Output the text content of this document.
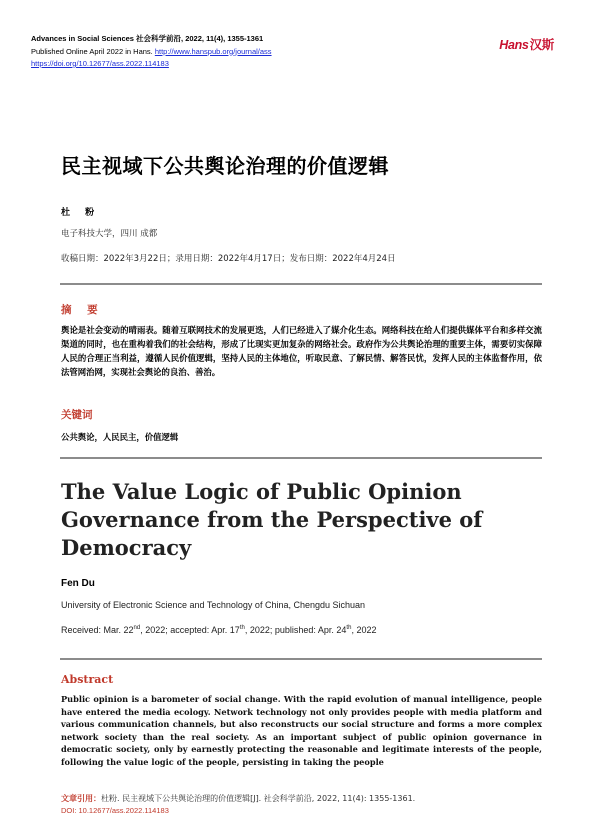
Advances in Social Sciences 社会科学前沿, 2022, 11(4), 1355-1361
Published Online April 2022 in Hans. http://www.hanspub.org/journal/ass
https://doi.org/10.12677/ass.2022.114183
Hans汉斯
民主视域下公共舆论治理的价值逻辑
杜 粉
电子科技大学，四川 成都
收稿日期：2022年3月22日；录用日期：2022年4月17日；发布日期：2022年4月24日
摘 要
舆论是社会变动的晴雨表。随着互联网技术的发展更迭，人们已经进入了媒介化生态。网络科技在给人们提供媒体平台和多样交流渠道的同时，也在重构着我们的社会结构，形成了比现实更加复杂的网络社会。政府作为公共舆论治理的重要主体，需要切实保障人民的合理正当利益，遵循人民价值逻辑，坚持人民的主体地位，听取民意、了解民情、解答民忧，发挥人民的主体监督作用，依法管网治网，实现社会舆论的良治、善治。
关键词
公共舆论，人民民主，价值逻辑
The Value Logic of Public Opinion Governance from the Perspective of Democracy
Fen Du
University of Electronic Science and Technology of China, Chengdu Sichuan
Received: Mar. 22nd, 2022; accepted: Apr. 17th, 2022; published: Apr. 24th, 2022
Abstract
Public opinion is a barometer of social change. With the rapid evolution of manual intelligence, people have entered the media ecology. Network technology not only provides people with media platform and various communication channels, but also reconstructs our social structure and forms a more complex network society than the real society. As an important subject of public opinion governance in democratic society, only by earnestly protecting the reasonable and legitimate interests of the people, following the value logic of the people, persisting in taking the people
文章引用：杜粉. 民主视域下公共舆论治理的价值逻辑[J]. 社会科学前沿, 2022, 11(4): 1355-1361.
DOI: 10.12677/ass.2022.114183
